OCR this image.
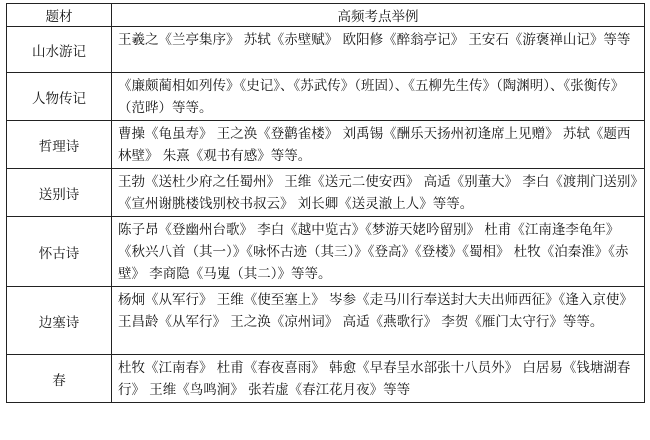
题材	高频考点举例
山水游记	王羲之《兰亭集序》 苏轼《赤壁赋》 欧阳修《醉翁亭记》 王安石《游褒禅山记》等等
人物传记	《廉颇蔺相如列传》《史记》、《苏武传》（班固）、《五柳先生传》（陶渊明）、《张衡传》（范晔）等等。
哲理诗	曹操《龟虽寿》 王之涣《登鹳雀楼》 刘禹锡《酬乐天扬州初逢席上见赠》 苏轼《题西林壁》 朱熹《观书有感》等等。
送别诗	王勃《送杜少府之任蜀州》 王维《送元二使安西》 高适《别董大》 李白《渡荆门送别》《宣州谢朓楼饯别校书叔云》 刘长卿《送灵澈上人》等等。
怀古诗	陈子昂《登幽州台歌》 李白《越中览古》《梦游天姥吟留别》 杜甫《江南逢李龟年》《秋兴八首（其一）》《咏怀古迹（其三）》《登高》《登楼》《蜀相》 杜牧《泊秦淮》《赤壁》 李商隐《马嵬（其二）》等等。
边塞诗	杨炯《从军行》 王维《使至塞上》 岑参《走马川行奉送封大夫出师西征》《逢入京使》 王昌龄《从军行》 王之涣《凉州词》 高适《燕歌行》 李贺《雁门太守行》等等。
春	杜牧《江南春》 杜甫《春夜喜雨》 韩愈《早春呈水部张十八员外》 白居易《钱塘湖春行》 王维《鸟鸣涧》 张若虚《春江花月夜》等等
